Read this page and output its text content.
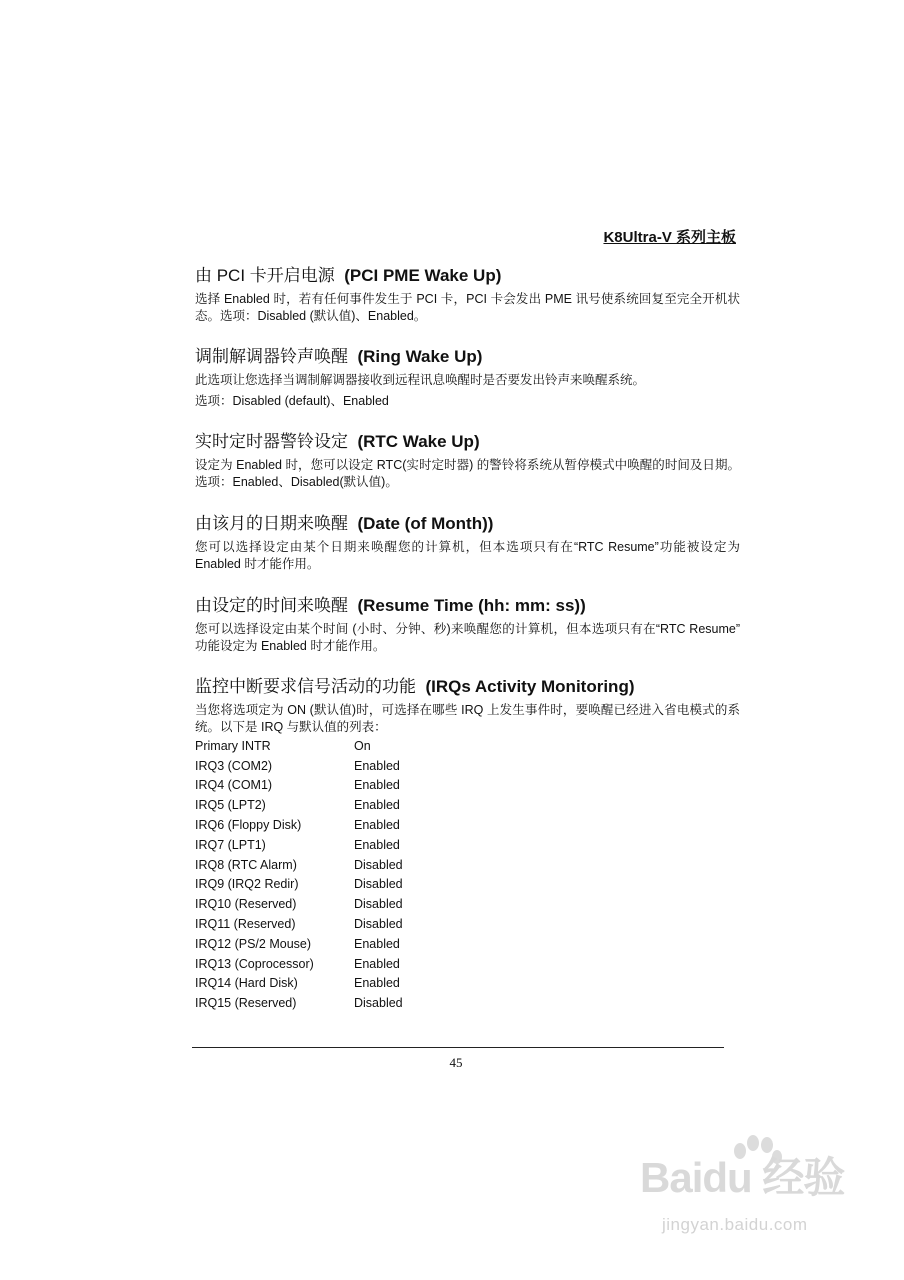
K8Ultra-V 系列主板
由 PCI 卡开启电源 (PCI PME Wake Up)

选择 Enabled 时，若有任何事件发生于 PCI 卡，PCI 卡会发出 PME 讯号使系统回复至完全开机状态。选项：Disabled (默认值)、Enabled。

调制解调器铃声唤醒 (Ring Wake Up)

此选项让您选择当调制解调器接收到远程讯息唤醒时是否要发出铃声来唤醒系统。

选项：Disabled (default)、Enabled

实时定时器警铃设定 (RTC Wake Up)

设定为 Enabled 时，您可以设定 RTC(实时定时器) 的警铃将系统从暂停模式中唤醒的时间及日期。选项：Enabled、Disabled(默认值)。

由该月的日期来唤醒 (Date (of Month))

您可以选择设定由某个日期来唤醒您的计算机，但本选项只有在“RTC Resume”功能被设定为 Enabled 时才能作用。

由设定的时间来唤醒 (Resume Time (hh: mm: ss))

您可以选择设定由某个时间 (小时、分钟、秒)来唤醒您的计算机，但本选项只有在“RTC Resume” 功能设定为 Enabled 时才能作用。

监控中断要求信号活动的功能 (IRQs Activity Monitoring)

当您将选项定为 ON (默认值)时，可选择在哪些 IRQ 上发生事件时，要唤醒已经进入省电模式的系统。以下是 IRQ 与默认值的列表：

Primary INTR	On
IRQ3 (COM2)	Enabled
IRQ4 (COM1)	Enabled
IRQ5 (LPT2)	Enabled
IRQ6 (Floppy Disk)	Enabled
IRQ7 (LPT1)	Enabled
IRQ8 (RTC Alarm)	Disabled
IRQ9 (IRQ2 Redir)	Disabled
IRQ10 (Reserved)	Disabled
IRQ11 (Reserved)	Disabled
IRQ12 (PS/2 Mouse)	Enabled
IRQ13 (Coprocessor)	Enabled
IRQ14 (Hard Disk)	Enabled
IRQ15 (Reserved)	Disabled
45
Baidu 经验
jingyan.baidu.com
